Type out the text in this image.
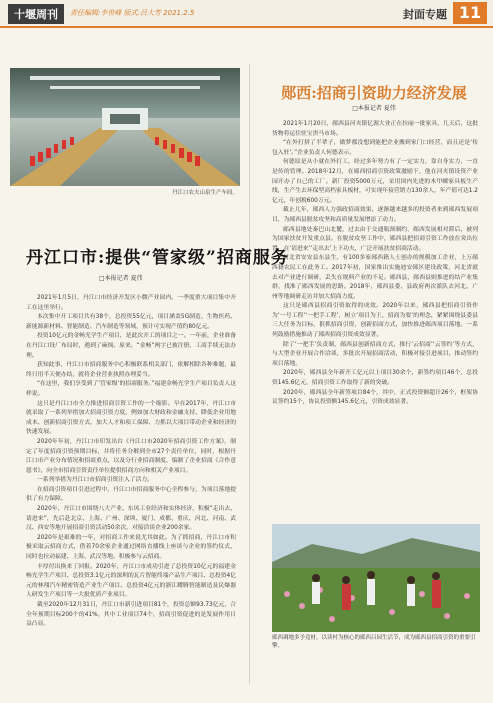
十堰周刊	责任编辑:李世峰 版式:吕大芳 2021.2.5	封面专题 11
丹江口农夫山泉生产车间。
丹江口市:提供“管家级”招商服务
□本报记者 夏伟

2021年1月5日，丹江口市经济开发区小微产业园内，一季度重大项目集中开工在这里举行。

本次集中开工项目共有38个，总投资55亿元，项目涵盖5G制造、生物医药、新能源新材料、智能制造、汽车制造等领域，预计可实现产值约80亿元。

投资10亿元的金畅光学生产项目，是此次开工的项目之一。一年前，企业准备在丹江口设厂布局时，遇到了麻烦。原来，“金畅”两字已被注册，工商手续无法办理。

获知此事，丹江口市招商服务中心积极联系相关部门，依解相除各种难题，最终只用半天便办结，就将企业营业执照办理妥当。

“在这里，我们享受到了‘管家级’的招商服务。”福建金畅光学生产项目负责人这样说。

这只是丹江口市全力推进招商引资工作的一个缩影。早在2017年，丹江口市就采取了一系列举措加大招商引资力度，例如加大财政和金融支持、降低企业用地成本、创新招商引资方式、加大人才和项工保障、力抓以大项目带动企业和经济的快速发展。

2020年年初，丹江口市印发出台《丹江口市2020年招商引资工作方案》，制定了年度招商引资预期目标，并将任务分解到全市27个责任单位，同时，根据丹江口市产业分布情况和招商重点，以及分行业招商制度，编制了企业招商《合作意愿书》，向全市招商引资责任单位提供招商方向和相关产业项目。

一系列举措为丹江口市招商引资注入了活力。

在招商引资项目引进过程中，丹江口市招商服务中心全程参与，为项目落地提供了有力保障。

2020年，丹江口市围绕八大产业、东风工业经济和实体经济，积极“走出去、请进来”，先后赴北京、上海、广州、深圳、厦门、成都、重庆、河北、河南、武汉、西安等地开展招商引资活动50余次，对接洽谈企业200余家。

2020年是艰难的一年，对招商工作来说尤其如此。为了抓招商，丹江口市积极采取云招商方式，借着70余家企业通过网络直播线上座谈与企业的签约仪式，同时也拉动福建、上海、武汉等地。积极参与云招商。

丰厚付出换来丁回报。2020年，丹江口市成功引进了总投资10亿元的福建金畅光学生产项目、总投资3.1亿元的深圳的瓦片智能终端产品生产项目、总投资4亿元的林翔汽车精密铸造产业生产项目、总投资4亿元的浙江耀腾智能制造及民爆器人研发生产项目等一大批优质产业项目。

截至2020年12月31日，丹江口市新引进项目81个，投资总额93.73亿元，合全年预期目标200个的41%，其中工业项目74个，招商引资促进的是发展作用日益凸显。

郧西:招商引资助力经济发展
□本报记者 夏伟

2021年1月20日，郧西县河夹镇亿源大业正在拉丽一批家具，几天后，这批货物将运往驻宝贵马市场。

“在外打拼了半辈子，做梦都没想到能把企业搬到家门口经营，而且还是‘传包入驻’。”企业负责人何德表示。

何德原是从小就在外打工，经过多年努力有了一定实力，靠自身实力，一直是传的管理。2018年12月，在郧西招商引资政策激励下，他在河夹镇设资产业园开办了自己的工厂。新厂投资5000万元，采用国内先进的木甲螺家具板生产线，生产生去环保型高档家具板材，可实现年接营销力130余人，年产值可达1.2亿元，年创税600万元。

截止几年，郧西人力强政招商效果，逐渐越来越多的投资者来到郧西发展项目，为郧西县脱贫攻坚和高质量发展增添了动力。

郧西县地处秦巴山北麓，过去由于交通瓶颈制约，郧西发展相对滞后，被列为国家扶贫开发重点县。在脱贫攻坚工作中，郧西县把招商引资工作放在突出位置，在‘请进来’‘走出去’上下功夫，广泛开展扶贫招商活动。

河北省安安县东县生，有100多家郧西籍人士创办的规模加工企业，上万郧西籍农民工在此务工。2017年初，国家推出实施迪安郧区建设政策，河北省就去对产业进行调研，丢失在规料产业的不足。郧西县，郧西县则推进的结产业集群，找准了郧西发展的思路。2018年，郧西县委、县政府两次派队去河北、广州等地调研走访并加大招商力度。

这只是郧西县招商引资取得的成效。2020年以来，郧西县把招商引资作为‘一号工程’‘一把手工程’，树立‘项目为王，招商为要’的理念，紧紧围绕县委县三大任务为目标，狠抓招商引资，创新招商方式，加快推进郧西项目落地。一系列鼓励措施推动了郧西招商引资成效显著。

除了‘一把手’负责制，郧西县创新招商方式，推行‘云招商’‘云签约’等方式，与大型企业开展合作洽谈，多批次开展招商活动，积极对接引进项目，推动签约项目落地。

2020年，郧西县全年新开工亿元以上项目30余个，新签约项目46个，总投资145.6亿元，招商引资工作取得了新的突破。

2020年，郧西县全年新签项目84个，其中，正式投资额超计26个，框架协议签约15个，协议投资额145.6亿元，引资成效显著。

郧西调地多予竟材，以读村为核心的郧西吕园生活节，成为郧西县招商引资的重要引擎。
